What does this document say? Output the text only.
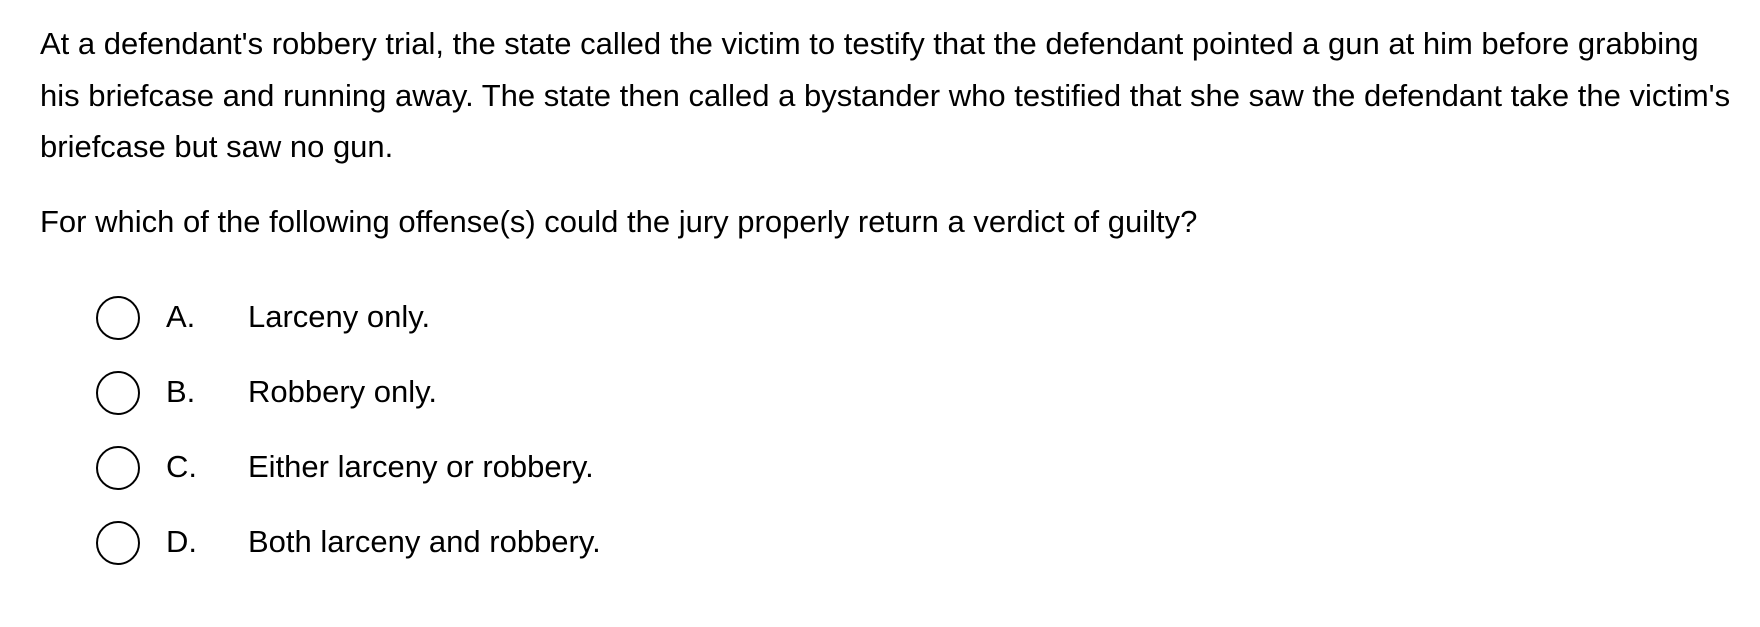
At a defendant's robbery trial, the state called the victim to testify that the defendant pointed a gun at him before grabbing his briefcase and running away. The state then called a bystander who testified that she saw the defendant take the victim's briefcase but saw no gun.

For which of the following offense(s) could the jury properly return a verdict of guilty?

A.	Larceny only.
B.	Robbery only.
C.	Either larceny or robbery.
D.	Both larceny and robbery.
